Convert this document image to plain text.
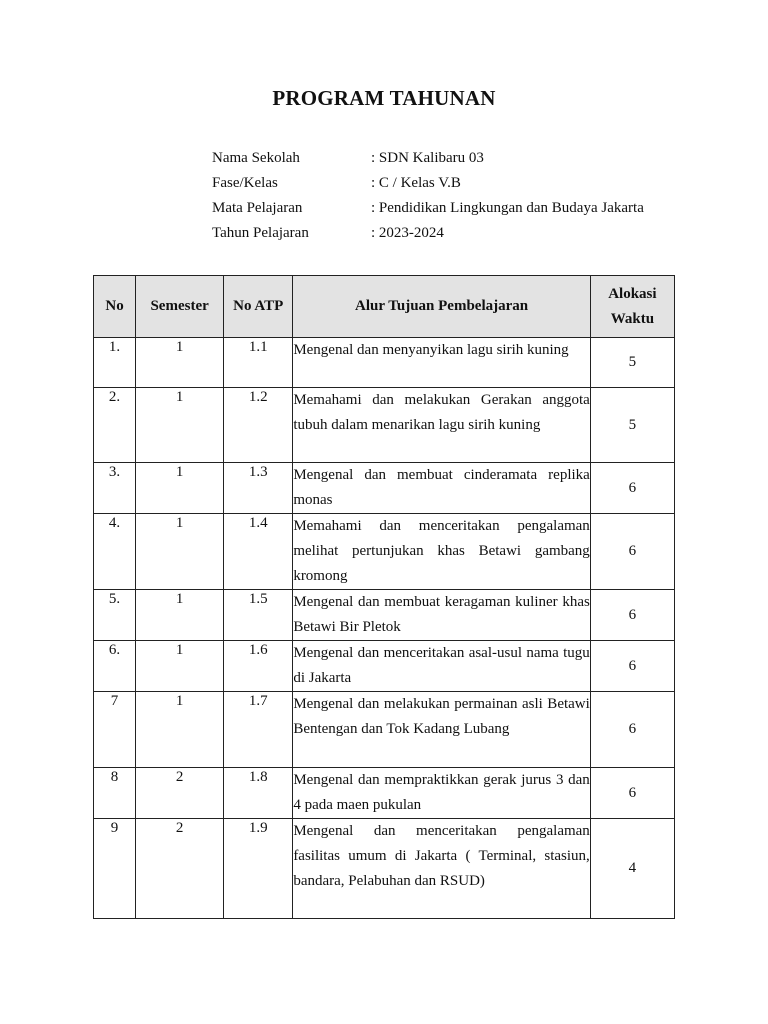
PROGRAM TAHUNAN
Nama Sekolah	: SDN Kalibaru 03
Fase/Kelas	: C / Kelas V.B
Mata Pelajaran	: Pendidikan Lingkungan dan Budaya Jakarta
Tahun Pelajaran	: 2023-2024
No	Semester	No ATP	Alur Tujuan Pembelajaran	Alokasi Waktu
1.	1	1.1	Mengenal dan menyanyikan lagu sirih kuning	5
2.	1	1.2	Memahami dan melakukan Gerakan anggota tubuh dalam menarikan lagu sirih kuning	5
3.	1	1.3	Mengenal dan membuat cinderamata replika monas	6
4.	1	1.4	Memahami dan menceritakan pengalaman melihat pertunjukan khas Betawi gambang kromong	6
5.	1	1.5	Mengenal dan membuat keragaman kuliner khas Betawi Bir Pletok	6
6.	1	1.6	Mengenal dan menceritakan asal-usul nama tugu di Jakarta	6
7	1	1.7	Mengenal dan melakukan permainan asli Betawi Bentengan dan Tok Kadang Lubang	6
8	2	1.8	Mengenal dan mempraktikkan gerak jurus 3 dan 4 pada maen pukulan	6
9	2	1.9	Mengenal dan menceritakan pengalaman fasilitas umum di Jakarta ( Terminal, stasiun, bandara, Pelabuhan dan RSUD)	4
